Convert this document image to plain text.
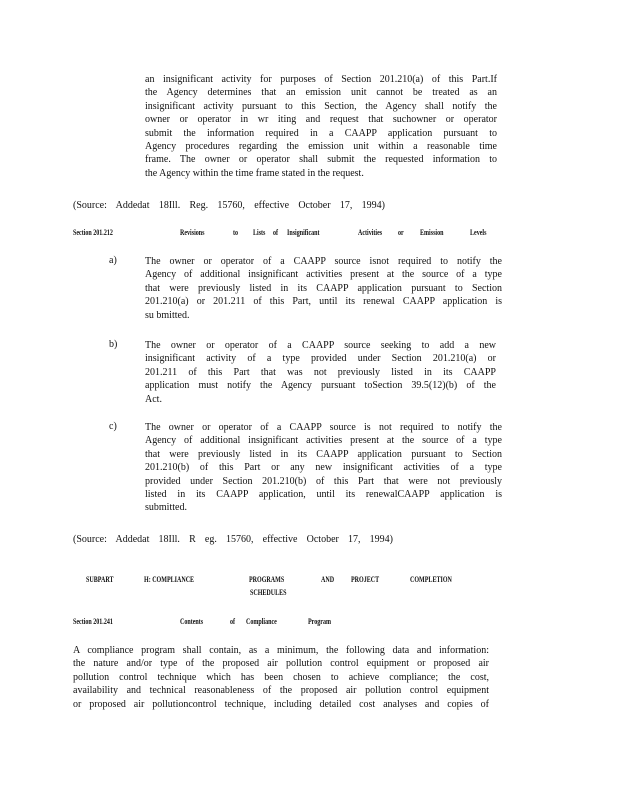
an insignificant activity for purposes of Section 201.210(a) of this Part.If
the Agency determines that an emission unit cannot be treated as an
insignificant activity pursuant to this Section, the Agency shall notify the
owner or operator in wr iting and request that suchowner or operator
submit the information required in a CAAPP application pursuant to
Agency procedures regarding the emission unit within a reasonable time
frame. The owner or operator shall submit the requested information to
the Agency within the time frame stated in the request.
(Source: Addedat 18Ill. Reg. 15760, effective October 17, 1994)
Section 201.212	Revisions	to Lists of Insignificant	Activities or Emission	Levels
a)	The owner or operator of a CAAPP source isnot required to notify the
Agency of additional insignificant activities present at the source of a type
that were previously listed in its CAAPP application pursuant to Section
201.210(a) or 201.211 of this Part, until its renewal CAAPP application is
su bmitted.
b)	The owner or operator of a CAAPP source seeking to add a new
insignificant activity of a type provided under Section 201.210(a) or
201.211 of this Part that was not previously listed in its CAAPP
application must notify the Agency pursuant toSection 39.5(12)(b) of the
Act.
c)	The owner or operator of a CAAPP source is not required to notify the
Agency of additional insignificant activities present at the source of a type
that were previously listed in its CAAPP application pursuant to Section
201.210(b) of this Part or any new insignificant activities of a type
provided under Section 201.210(b) of this Part that were not previously
listed in its CAAPP application, until its renewalCAAPP application is
submitted.
(Source: Addedat 18Ill. R eg. 15760, effective October 17, 1994)
SUBPART	H: COMPLIANCE	PROGRAMS	AND PROJECT	COMPLETION
SCHEDULES
Section 201.241	Contents	of Compliance	Program
A compliance program shall contain, as a minimum, the following data and information:
the nature and/or type of the proposed air pollution control equipment or proposed air
pollution control technique which has been chosen to achieve compliance; the cost,
availability and technical reasonableness of the proposed air pollution control equipment
or proposed air pollutioncontrol technique, including detailed cost analyses and copies of
